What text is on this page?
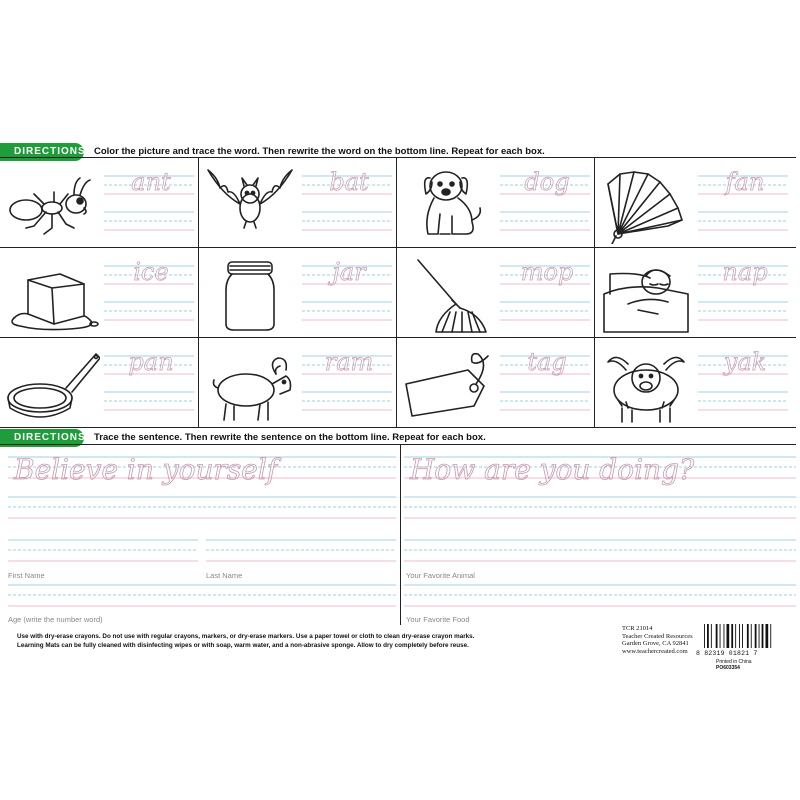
DIRECTIONS Color the picture and trace the word. Then rewrite the word on the bottom line. Repeat for each box.
ant	bat	dog	fan
ice	jar	mop	nap
pan	ram	tag	yak
DIRECTIONS Trace the sentence. Then rewrite the sentence on the bottom line. Repeat for each box.
Believe in yourself	How are you doing?
First Name	Last Name	Your Favorite Animal
Age (write the number word)	Your Favorite Food
Use with dry-erase crayons. Do not use with regular crayons, markers, or dry-erase markers. Use a paper towel or cloth to clean dry-erase crayon marks.
Learning Mats can be fully cleaned with disinfecting wipes or with soap, warm water, and a non-abrasive sponge. Allow to dry completely before reuse.
TCR 21014
Teacher Created Resources
Garden Grove, CA 92841
www.teachercreated.com	8 82319 01821 7
Printed in China
PO603354
